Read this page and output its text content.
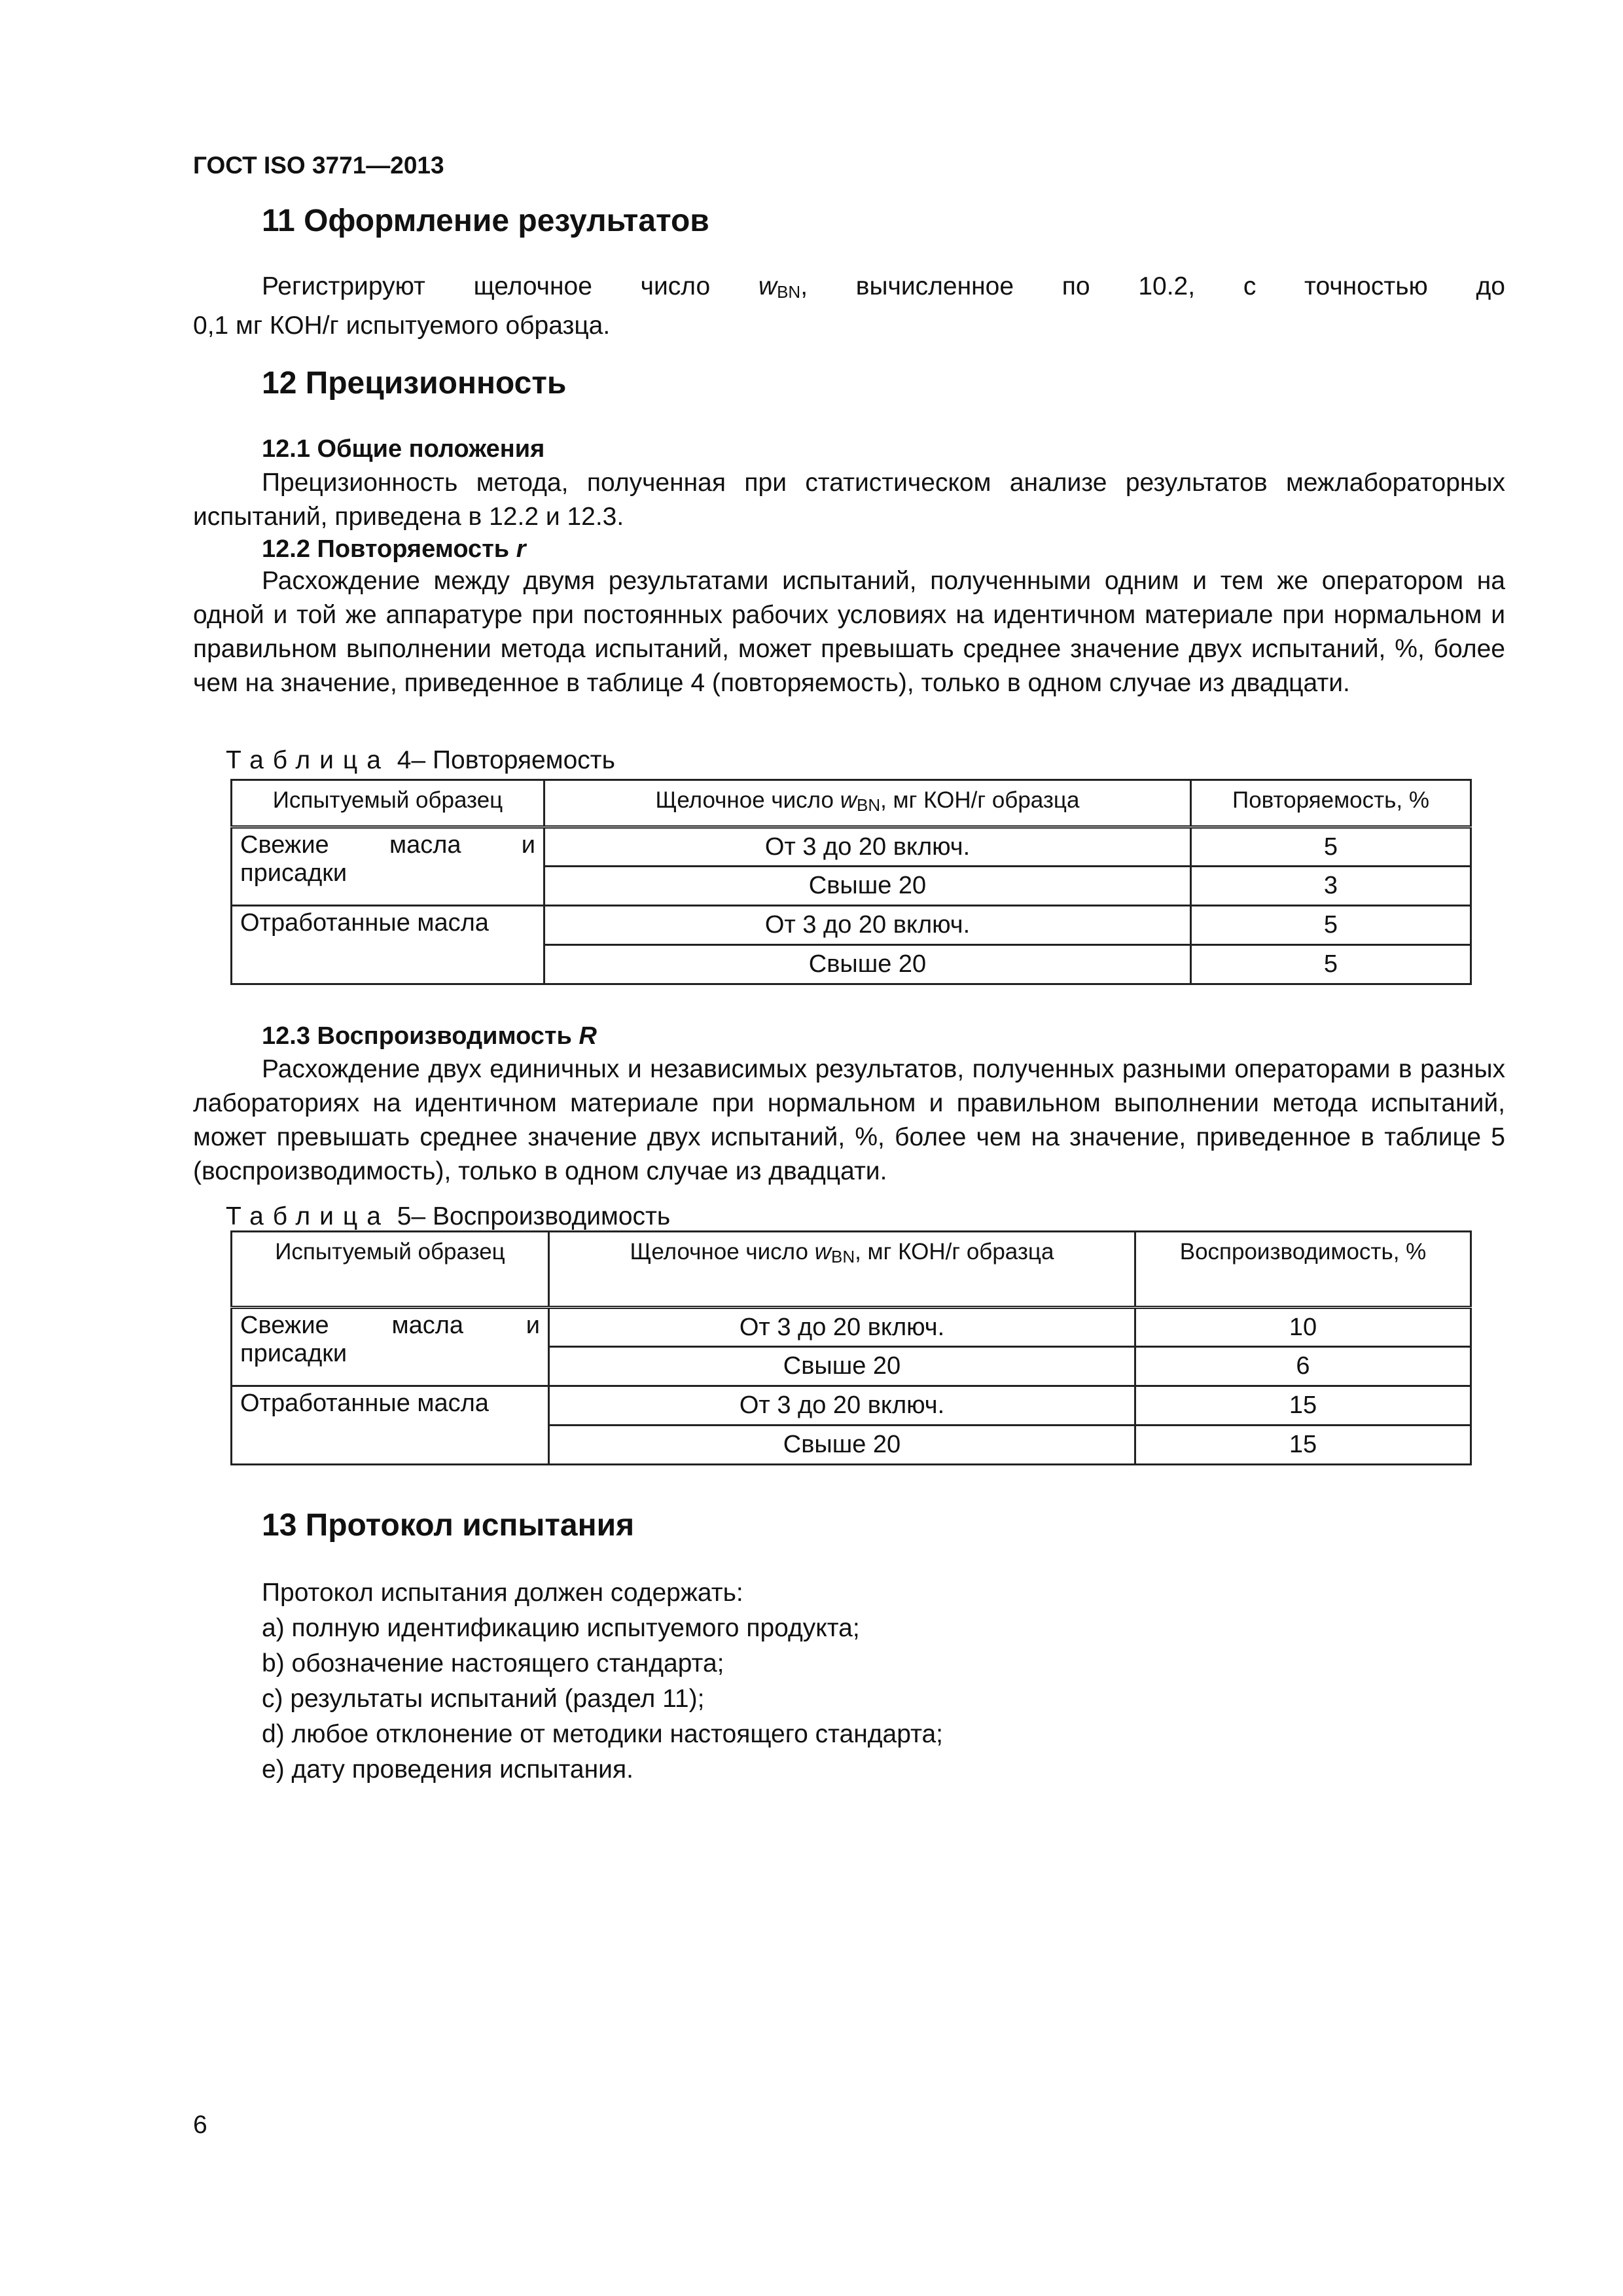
ГОСТ ISO 3771—2013
11 Оформление результатов
Регистрируют щелочное число wBN, вычисленное по 10.2, с точностью до
0,1 мг КОН/г испытуемого образца.
12 Прецизионность
12.1 Общие положения
Прецизионность метода, полученная при статистическом анализе результатов межлабораторных испытаний, приведена в 12.2 и 12.3.
12.2 Повторяемость r
Расхождение между двумя результатами испытаний, полученными одним и тем же оператором на одной и той же аппаратуре при постоянных рабочих условиях на идентичном материале при нормальном и правильном выполнении метода испытаний, может превышать среднее значение двух испытаний, %, более чем на значение, приведенное в таблице 4 (повторяемость), только в одном случае из двадцати.
Таблица 4– Повторяемость
Испытуемый образец	Щелочное число wBN, мг КОН/г образца	Повторяемость, %
Свежие масла и присадки	От 3 до 20 включ.	5
	Свыше 20	3
Отработанные масла	От 3 до 20 включ.	5
	Свыше 20	5
12.3 Воспроизводимость R
Расхождение двух единичных и независимых результатов, полученных разными операторами в разных лабораториях на идентичном материале при нормальном и правильном выполнении метода испытаний, может превышать среднее значение двух испытаний, %, более чем на значение, приведенное в таблице 5 (воспроизводимость), только в одном случае из двадцати.
Таблица 5– Воспроизводимость
Испытуемый образец	Щелочное число wBN, мг КОН/г образца	Воспроизводимость, %
Свежие масла и присадки	От 3 до 20 включ.	10
	Свыше 20	6
Отработанные масла	От 3 до 20 включ.	15
	Свыше 20	15
13 Протокол испытания
Протокол испытания должен содержать:
a) полную идентификацию испытуемого продукта;
b) обозначение настоящего стандарта;
c) результаты испытаний (раздел 11);
d) любое отклонение от методики настоящего стандарта;
e) дату проведения испытания.
6
